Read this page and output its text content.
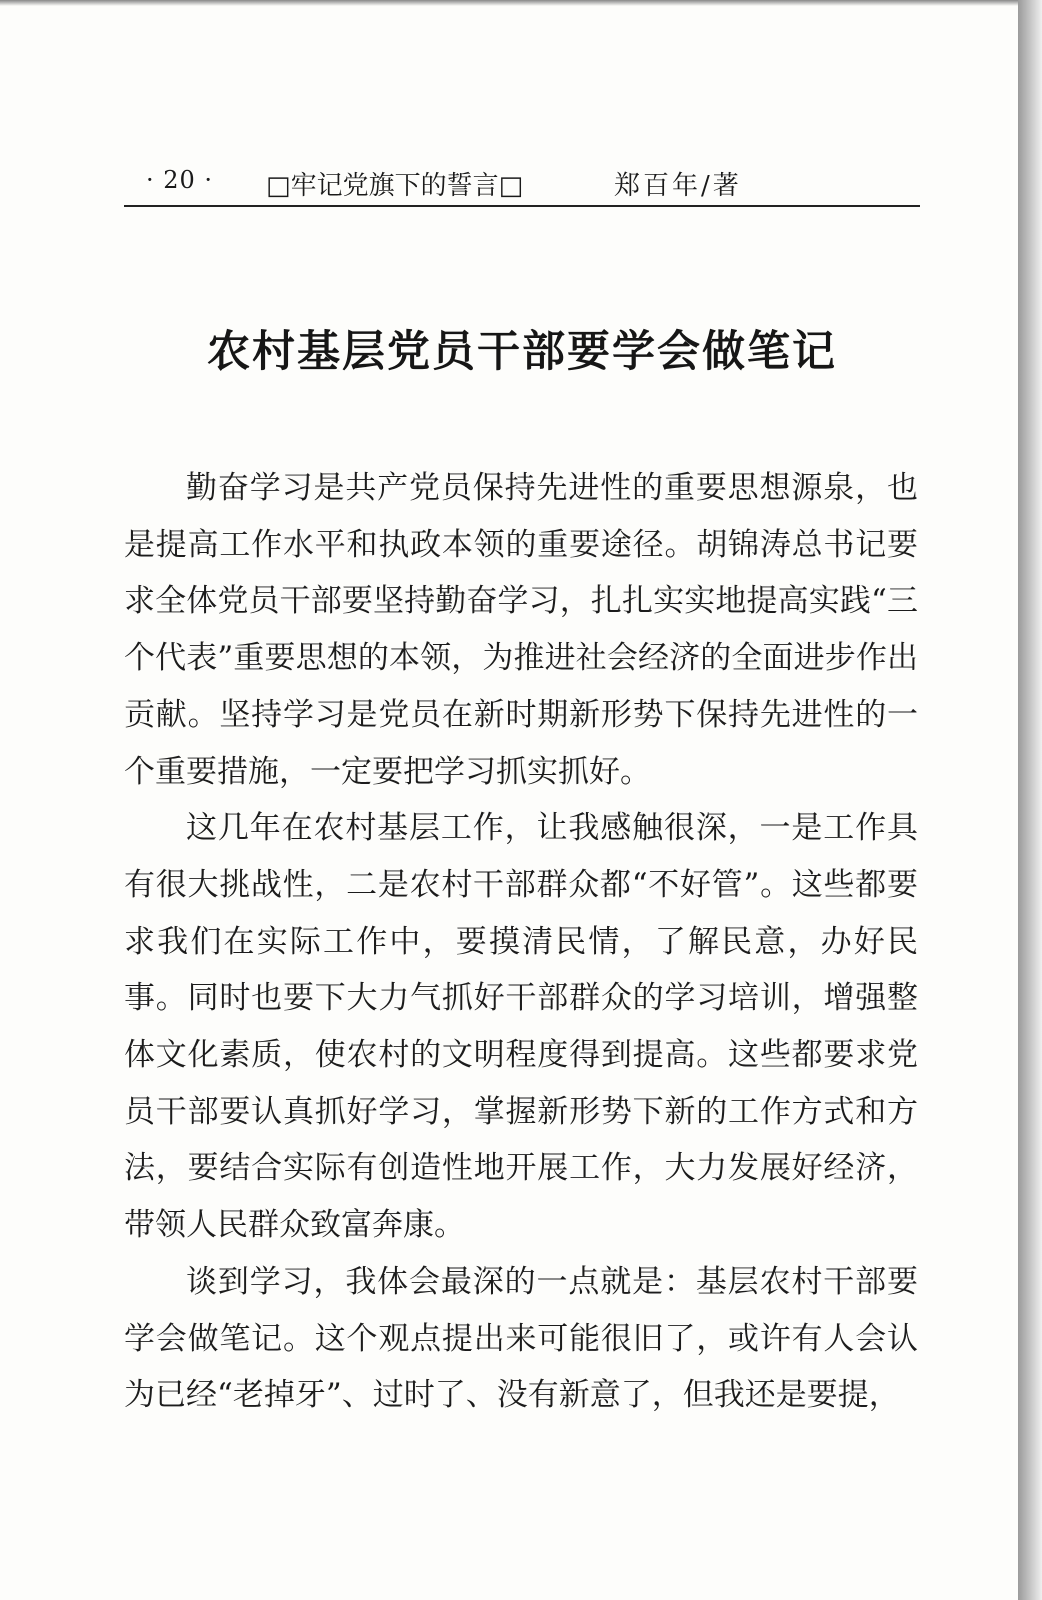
· 20 · □牢记党旗下的誓言□	郑百年/著
农村基层党员干部要学会做笔记

勤奋学习是共产党员保持先进性的重要思想源泉，也是提高工作水平和执政本领的重要途径。胡锦涛总书记要求全体党员干部要坚持勤奋学习，扎扎实实地提高实践“三个代表”重要思想的本领，为推进社会经济的全面进步作出贡献。坚持学习是党员在新时期新形势下保持先进性的一个重要措施，一定要把学习抓实抓好。

这几年在农村基层工作，让我感触很深，一是工作具有很大挑战性，二是农村干部群众都“不好管”。这些都要求我们在实际工作中，要摸清民情，了解民意，办好民事。同时也要下大力气抓好干部群众的学习培训，增强整体文化素质，使农村的文明程度得到提高。这些都要求党员干部要认真抓好学习，掌握新形势下新的工作方式和方法，要结合实际有创造性地开展工作，大力发展好经济，带领人民群众致富奔康。

谈到学习，我体会最深的一点就是：基层农村干部要学会做笔记。这个观点提出来可能很旧了，或许有人会认为已经“老掉牙”、过时了、没有新意了，但我还是要提，
